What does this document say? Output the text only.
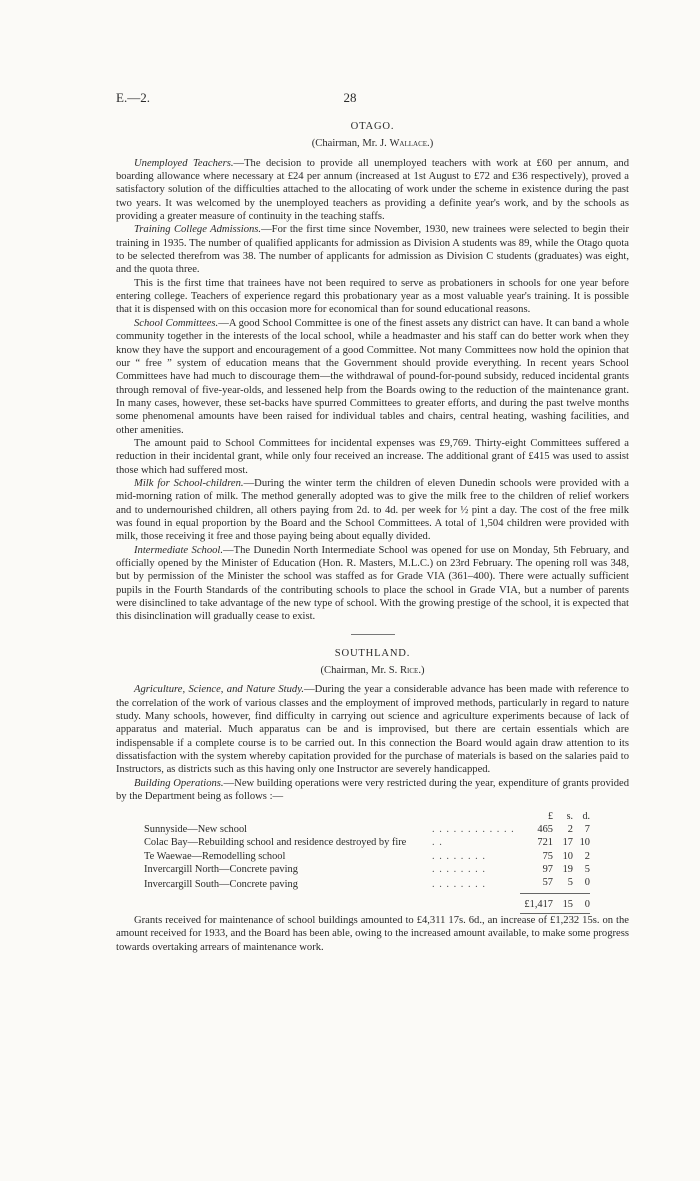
E.—2.	28

OTAGO.

(Chairman, Mr. J. Wallace.)

Unemployed Teachers.—The decision to provide all unemployed teachers with work at £60 per annum, and boarding allowance where necessary at £24 per annum (increased at 1st August to £72 and £36 respectively), proved a satisfactory solution of the difficulties attached to the allocating of work under the scheme in existence during the past two years. It was welcomed by the unemployed teachers as providing a definite year's work, and by the schools as providing a greater measure of continuity in the teaching staffs.

Training College Admissions.—For the first time since November, 1930, new trainees were selected to begin their training in 1935. The number of qualified applicants for admission as Division A students was 89, while the Otago quota to be selected therefrom was 38. The number of applicants for admission as Division C students (graduates) was eight, and the quota three.

This is the first time that trainees have not been required to serve as probationers in schools for one year before entering college. Teachers of experience regard this probationary year as a most valuable year's training. It is possible that it is dispensed with on this occasion more for economical than for sound educational reasons.

School Committees.—A good School Committee is one of the finest assets any district can have. It can band a whole community together in the interests of the local school, while a headmaster and his staff can do better work when they know they have the support and encouragement of a good Committee. Not many Committees now hold the opinion that our “ free ” system of education means that the Government should provide everything. In recent years School Committees have had much to discourage them—the withdrawal of pound-for-pound subsidy, reduced incidental grants through removal of five-year-olds, and lessened help from the Boards owing to the reduction of the maintenance grant. In many cases, however, these set-backs have spurred Committees to greater efforts, and during the past twelve months some phenomenal amounts have been raised for individual tables and chairs, central heating, washing facilities, and other amenities.

The amount paid to School Committees for incidental expenses was £9,769. Thirty-eight Committees suffered a reduction in their incidental grant, while only four received an increase. The additional grant of £415 was used to assist those which had suffered most.

Milk for School-children.—During the winter term the children of eleven Dunedin schools were provided with a mid-morning ration of milk. The method generally adopted was to give the milk free to the children of relief workers and to undernourished children, all others paying from 2d. to 4d. per week for ½ pint a day. The cost of the free milk was found in equal proportion by the Board and the School Committees. A total of 1,504 children were provided with milk, those receiving it free and those paying being about equally divided.

Intermediate School.—The Dunedin North Intermediate School was opened for use on Monday, 5th February, and officially opened by the Minister of Education (Hon. R. Masters, M.L.C.) on 23rd February. The opening roll was 348, but by permission of the Minister the school was staffed as for Grade VIA (361–400). There were actually sufficient pupils in the Fourth Standards of the contributing schools to place the school in Grade VIA, but a number of parents were disinclined to take advantage of the new type of school. With the growing prestige of the school, it is expected that this disinclination will gradually cease to exist.

SOUTHLAND.

(Chairman, Mr. S. Rice.)

Agriculture, Science, and Nature Study.—During the year a considerable advance has been made with reference to the correlation of the work of various classes and the employment of improved methods, particularly in regard to nature study. Many schools, however, find difficulty in carrying out science and agriculture experiments because of lack of apparatus and material. Much apparatus can be and is improvised, but there are certain essentials which are indispensable if a complete course is to be carried out. In this connection the Board would again draw attention to its dissatisfaction with the system whereby capitation provided for the purchase of materials is based on the salaries paid to Instructors, as districts such as this having only one Instructor are severely handicapped.

Building Operations.—New building operations were very restricted during the year, expenditure of grants provided by the Department being as follows :—

		£	s.	d.
Sunnyside—New school	. . . . . . . . . . . .	465	2	7
Colac Bay—Rebuilding school and residence destroyed by fire	. .	721	17	10
Te Waewae—Remodelling school	. . . . . . . .	75	10	2
Invercargill North—Concrete paving	. . . . . . . .	97	19	5
Invercargill South—Concrete paving	. . . . . . . .	57	5	0
		£1,417	15	0

Grants received for maintenance of school buildings amounted to £4,311 17s. 6d., an increase of £1,232 15s. on the amount received for 1933, and the Board has been able, owing to the increased amount available, to make some progress towards overtaking arrears of maintenance work.
